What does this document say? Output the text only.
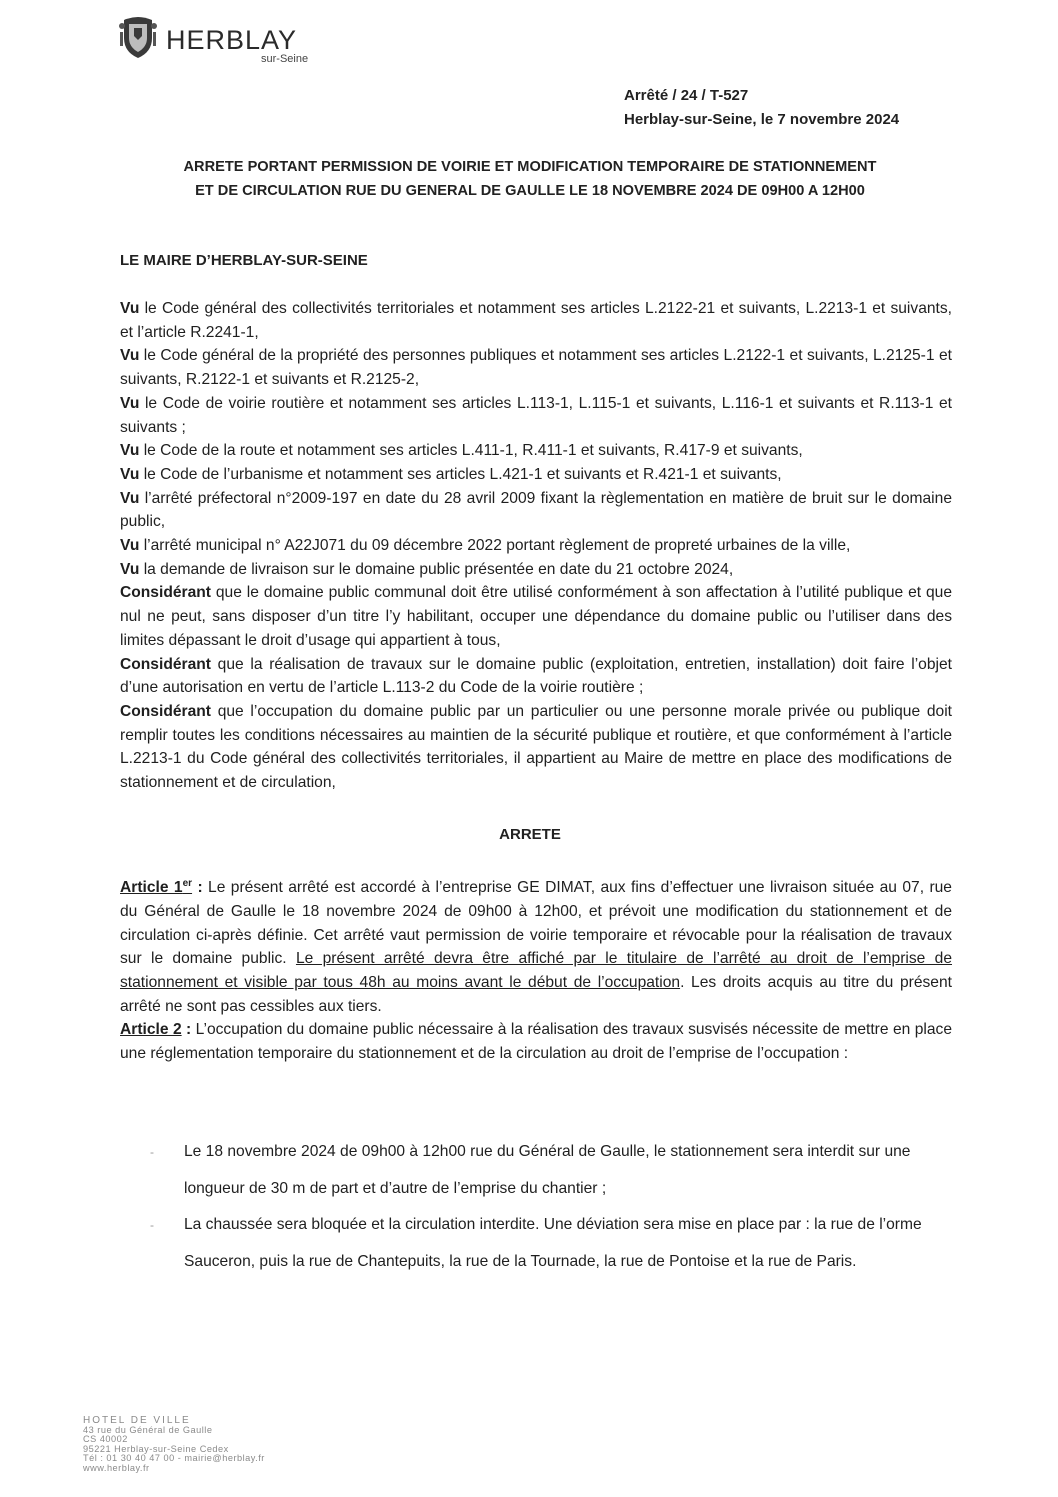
HERBLAY
sur-Seine
Arrêté / 24 / T-527
Herblay-sur-Seine, le 7 novembre 2024
ARRETE PORTANT PERMISSION DE VOIRIE ET MODIFICATION TEMPORAIRE DE STATIONNEMENT
ET DE CIRCULATION RUE DU GENERAL DE GAULLE LE 18 NOVEMBRE 2024 DE 09H00 A 12H00
LE MAIRE D’HERBLAY-SUR-SEINE

Vu le Code général des collectivités territoriales et notamment ses articles L.2122-21 et suivants, L.2213-1 et suivants, et l’article R.2241-1,

Vu le Code général de la propriété des personnes publiques et notamment ses articles L.2122-1 et suivants, L.2125-1 et suivants, R.2122-1 et suivants et R.2125-2,

Vu le Code de voirie routière et notamment ses articles L.113-1, L.115-1 et suivants, L.116-1 et suivants et R.113-1 et suivants ;

Vu le Code de la route et notamment ses articles L.411-1, R.411-1 et suivants, R.417-9 et suivants,

Vu le Code de l’urbanisme et notamment ses articles L.421-1 et suivants et R.421-1 et suivants,

Vu l’arrêté préfectoral n°2009-197 en date du 28 avril 2009 fixant la règlementation en matière de bruit sur le domaine public,

Vu l’arrêté municipal n° A22J071 du 09 décembre 2022 portant règlement de propreté urbaines de la ville,

Vu la demande de livraison sur le domaine public présentée en date du 21 octobre 2024,

Considérant que le domaine public communal doit être utilisé conformément à son affectation à l’utilité publique et que nul ne peut, sans disposer d’un titre l’y habilitant, occuper une dépendance du domaine public ou l’utiliser dans des limites dépassant le droit d’usage qui appartient à tous,

Considérant que la réalisation de travaux sur le domaine public (exploitation, entretien, installation) doit faire l’objet d’une autorisation en vertu de l’article L.113-2 du Code de la voirie routière ;

Considérant que l’occupation du domaine public par un particulier ou une personne morale privée ou publique doit remplir toutes les conditions nécessaires au maintien de la sécurité publique et routière, et que conformément à l’article L.2213-1 du Code général des collectivités territoriales, il appartient au Maire de mettre en place des modifications de stationnement et de circulation,

ARRETE

Article 1er : Le présent arrêté est accordé à l’entreprise GE DIMAT, aux fins d’effectuer une livraison située au 07, rue du Général de Gaulle le 18 novembre 2024 de 09h00 à 12h00, et prévoit une modification du stationnement et de circulation ci-après définie. Cet arrêté vaut permission de voirie temporaire et révocable pour la réalisation de travaux sur le domaine public. Le présent arrêté devra être affiché par le titulaire de l’arrêté au droit de l’emprise de stationnement et visible par tous 48h au moins avant le début de l’occupation. Les droits acquis au titre du présent arrêté ne sont pas cessibles aux tiers.

Article 2 : L’occupation du domaine public nécessaire à la réalisation des travaux susvisés nécessite de mettre en place une réglementation temporaire du stationnement et de la circulation au droit de l’emprise de l’occupation :

-	Le 18 novembre 2024 de 09h00 à 12h00 rue du Général de Gaulle, le stationnement sera interdit sur une longueur de 30 m de part et d’autre de l’emprise du chantier ;
-	La chaussée sera bloquée et la circulation interdite. Une déviation sera mise en place par : la rue de l’orme Sauceron, puis la rue de Chantepuits, la rue de la Tournade, la rue de Pontoise et la rue de Paris.
HOTEL DE VILLE
43 rue du Général de Gaulle
CS 40002
95221 Herblay-sur-Seine Cedex
Tél : 01 30 40 47 00 - mairie@herblay.fr
www.herblay.fr
